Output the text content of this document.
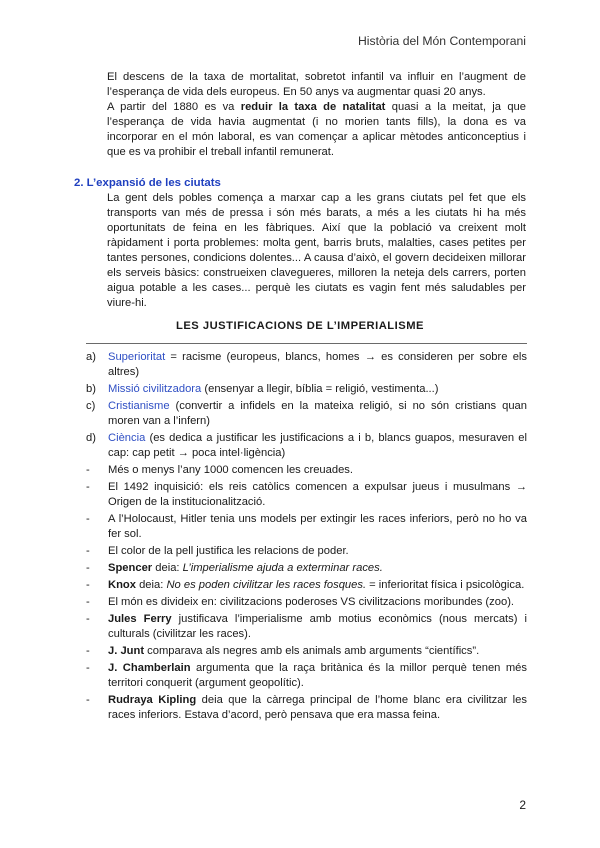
Història del Món Contemporani

El descens de la taxa de mortalitat, sobretot infantil va influir en l’augment de l’esperança de vida dels europeus. En 50 anys va augmentar quasi 20 anys.

A partir del 1880 es va reduir la taxa de natalitat quasi a la meitat, ja que l’esperança de vida havia augmentat (i no morien tants fills), la dona es va incorporar en el món laboral, es van començar a aplicar mètodes anticonceptius i que es va prohibir el treball infantil remunerat.

2. L’expansió de les ciutats

La gent dels pobles comença a marxar cap a les grans ciutats pel fet que els transports van més de pressa i són més barats, a més a les ciutats hi ha més oportunitats de feina en les fàbriques. Així que la població va creixent molt ràpidament i porta problemes: molta gent, barris bruts, malalties, cases petites per tantes persones, condicions dolentes... A causa d’això, el govern decideixen millorar els serveis bàsics: construeixen clavegueres, milloren la neteja dels carrers, porten aigua potable a les cases... perquè les ciutats es vagin fent més saludables per viure-hi.

LES JUSTIFICACIONS DE L’IMPERIALISME
a) Superioritat = racisme (europeus, blancs, homes → es consideren per sobre els altres)
b) Missió civilitzadora (ensenyar a llegir, bíblia = religió, vestimenta...)
c) Cristianisme (convertir a infidels en la mateixa religió, si no són cristians quan moren van a l’infern)
d) Ciència (es dedica a justificar les justificacions a i b, blancs guapos, mesuraven el cap: cap petit → poca intel·ligència)
- Més o menys l’any 1000 comencen les creuades.
- El 1492 inquisició: els reis catòlics comencen a expulsar jueus i musulmans → Origen de la institucionalització.
- A l’Holocaust, Hitler tenia uns models per extingir les races inferiors, però no ho va fer sol.
- El color de la pell justifica les relacions de poder.
- Spencer deia: L’imperialisme ajuda a exterminar races.
- Knox deia: No es poden civilitzar les races fosques. = inferioritat física i psicològica.
- El món es divideix en: civilitzacions poderoses VS civilitzacions moribundes (zoo).
- Jules Ferry justificava l’imperialisme amb motius econòmics (nous mercats) i culturals (civilitzar les races).
- J. Junt comparava als negres amb els animals amb arguments “científics”.
- J. Chamberlain argumenta que la raça britànica és la millor perquè tenen més territori conquerit (argument geopolític).
- Rudraya Kipling deia que la càrrega principal de l’home blanc era civilitzar les races inferiors. Estava d’acord, però pensava que era massa feina.
2
